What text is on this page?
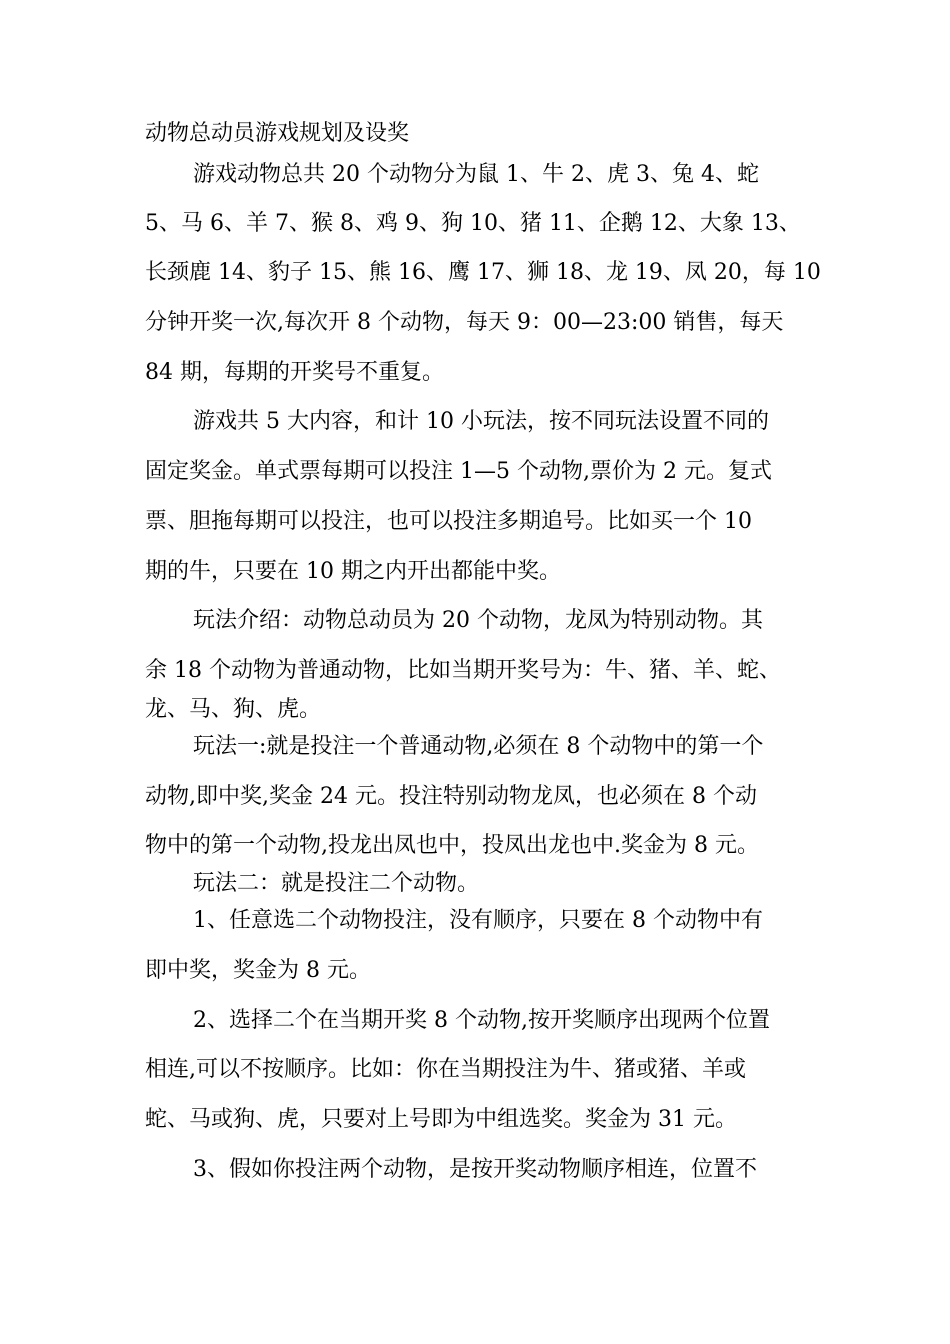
动物总动员游戏规划及设奖

游戏动物总共 20 个动物分为鼠 1、牛 2、虎 3、兔 4、蛇

5、马 6、羊 7、猴 8、鸡 9、狗 10、猪 11、企鹅 12、大象 13、

长颈鹿 14、豹子 15、熊 16、鹰 17、狮 18、龙 19、凤 20，每 10

分钟开奖一次,每次开 8 个动物，每天 9：00—23:00 销售，每天

84 期，每期的开奖号不重复。

游戏共 5 大内容，和计 10 小玩法，按不同玩法设置不同的

固定奖金。单式票每期可以投注 1—5 个动物,票价为 2 元。复式

票、胆拖每期可以投注，也可以投注多期追号。比如买一个 10

期的牛，只要在 10 期之内开出都能中奖。

玩法介绍：动物总动员为 20 个动物，龙凤为特别动物。其

余 18 个动物为普通动物，比如当期开奖号为：牛、猪、羊、蛇、

龙、马、狗、虎。

玩法一:就是投注一个普通动物,必须在 8 个动物中的第一个

动物,即中奖,奖金 24 元。投注特别动物龙凤，也必须在 8 个动

物中的第一个动物,投龙出凤也中，投凤出龙也中.奖金为 8 元。

玩法二：就是投注二个动物。

1、任意选二个动物投注，没有顺序，只要在 8 个动物中有

即中奖，奖金为 8 元。

2、选择二个在当期开奖 8 个动物,按开奖顺序出现两个位置

相连,可以不按顺序。比如：你在当期投注为牛、猪或猪、羊或

蛇、马或狗、虎，只要对上号即为中组选奖。奖金为 31 元。

3、假如你投注两个动物，是按开奖动物顺序相连，位置不
